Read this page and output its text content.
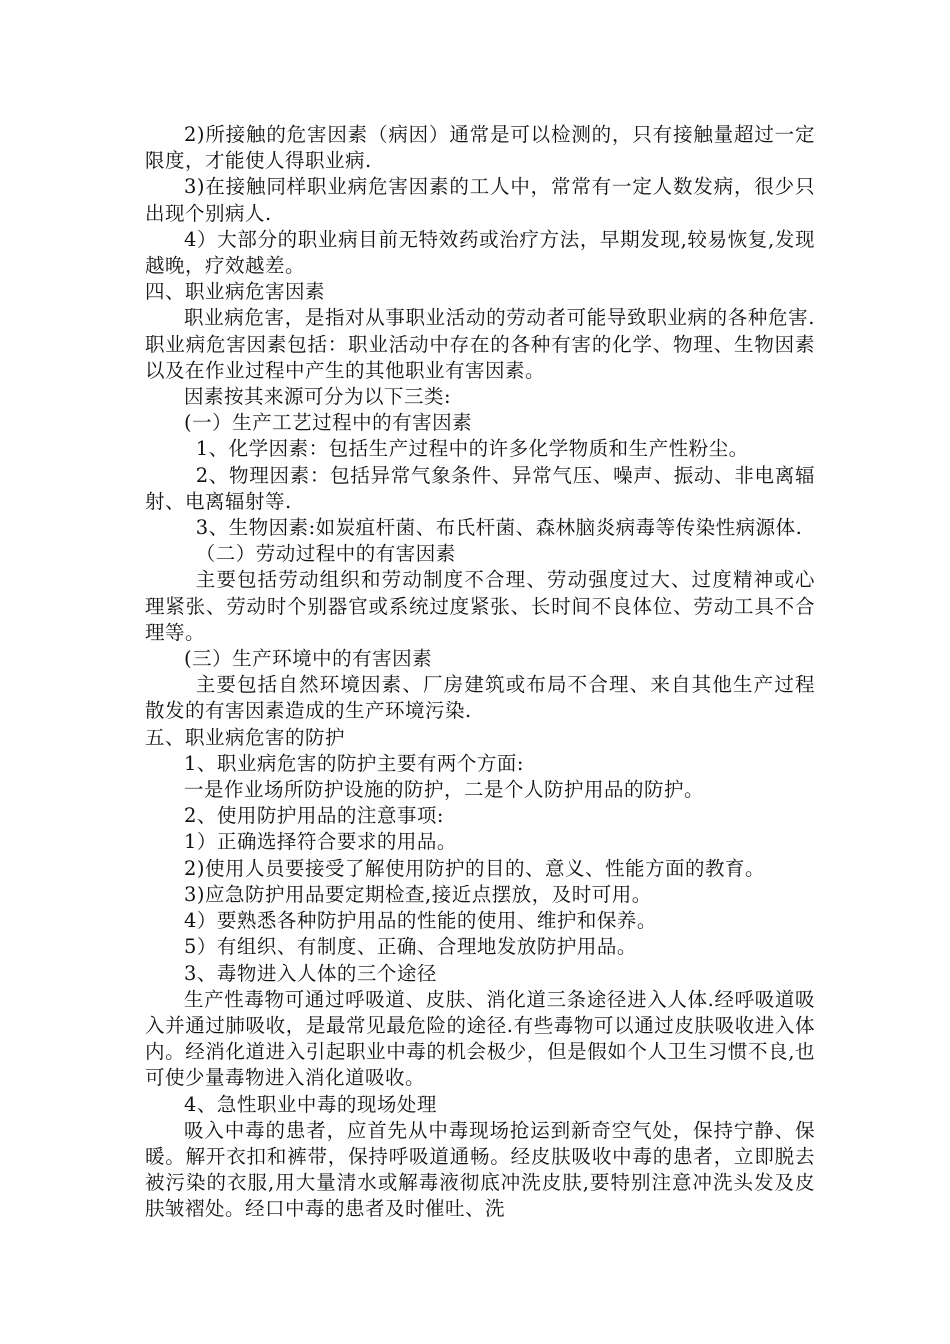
2)所接触的危害因素（病因）通常是可以检测的，只有接触量超过一定限度，才能使人得职业病.

3)在接触同样职业病危害因素的工人中，常常有一定人数发病，很少只出现个别病人.

4）大部分的职业病目前无特效药或治疗方法，早期发现,较易恢复,发现越晚，疗效越差。

四、职业病危害因素

职业病危害，是指对从事职业活动的劳动者可能导致职业病的各种危害.职业病危害因素包括：职业活动中存在的各种有害的化学、物理、生物因素以及在作业过程中产生的其他职业有害因素。

因素按其来源可分为以下三类:

(一）生产工艺过程中的有害因素

1、化学因素：包括生产过程中的许多化学物质和生产性粉尘。

2、物理因素：包括异常气象条件、异常气压、噪声、振动、非电离辐射、电离辐射等.

3、生物因素:如炭疽杆菌、布氏杆菌、森林脑炎病毒等传染性病源体.

（二）劳动过程中的有害因素

主要包括劳动组织和劳动制度不合理、劳动强度过大、过度精神或心理紧张、劳动时个别器官或系统过度紧张、长时间不良体位、劳动工具不合理等。

(三）生产环境中的有害因素

主要包括自然环境因素、厂房建筑或布局不合理、来自其他生产过程散发的有害因素造成的生产环境污染.

五、职业病危害的防护

1、职业病危害的防护主要有两个方面:

一是作业场所防护设施的防护，二是个人防护用品的防护。

2、使用防护用品的注意事项:

1）正确选择符合要求的用品。

2)使用人员要接受了解使用防护的目的、意义、性能方面的教育。

3)应急防护用品要定期检查,接近点摆放，及时可用。

4）要熟悉各种防护用品的性能的使用、维护和保养。

5）有组织、有制度、正确、合理地发放防护用品。

3、毒物进入人体的三个途径

生产性毒物可通过呼吸道、皮肤、消化道三条途径进入人体.经呼吸道吸入并通过肺吸收，是最常见最危险的途径.有些毒物可以通过皮肤吸收进入体内。经消化道进入引起职业中毒的机会极少，但是假如个人卫生习惯不良,也可使少量毒物进入消化道吸收。

4、急性职业中毒的现场处理

吸入中毒的患者，应首先从中毒现场抢运到新奇空气处，保持宁静、保暖。解开衣扣和裤带，保持呼吸道通畅。经皮肤吸收中毒的患者，立即脱去被污染的衣服,用大量清水或解毒液彻底冲洗皮肤,要特别注意冲洗头发及皮肤皱褶处。经口中毒的患者及时催吐、洗
